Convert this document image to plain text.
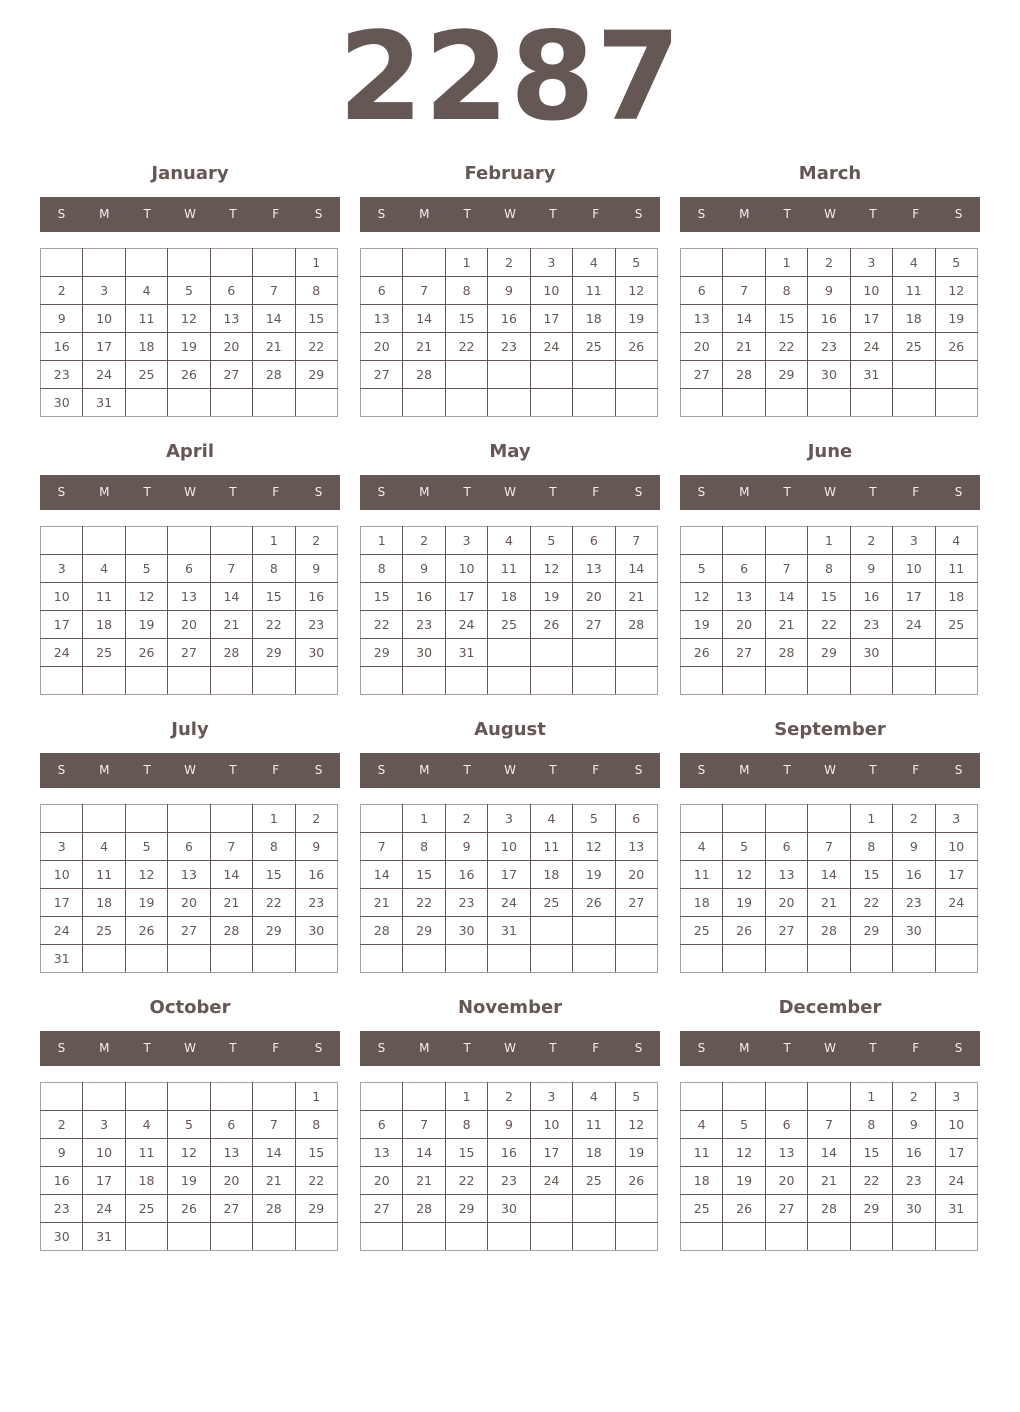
2287
January
S	M	T	W	T	F	S
						1
2	3	4	5	6	7	8
9	10	11	12	13	14	15
16	17	18	19	20	21	22
23	24	25	26	27	28	29
30	31					
February
S	M	T	W	T	F	S
		1	2	3	4	5
6	7	8	9	10	11	12
13	14	15	16	17	18	19
20	21	22	23	24	25	26
27	28					

March
S	M	T	W	T	F	S
		1	2	3	4	5
6	7	8	9	10	11	12
13	14	15	16	17	18	19
20	21	22	23	24	25	26
27	28	29	30	31		

April
S	M	T	W	T	F	S
					1	2
3	4	5	6	7	8	9
10	11	12	13	14	15	16
17	18	19	20	21	22	23
24	25	26	27	28	29	30

May
S	M	T	W	T	F	S
1	2	3	4	5	6	7
8	9	10	11	12	13	14
15	16	17	18	19	20	21
22	23	24	25	26	27	28
29	30	31				

June
S	M	T	W	T	F	S
			1	2	3	4
5	6	7	8	9	10	11
12	13	14	15	16	17	18
19	20	21	22	23	24	25
26	27	28	29	30		

July
S	M	T	W	T	F	S
					1	2
3	4	5	6	7	8	9
10	11	12	13	14	15	16
17	18	19	20	21	22	23
24	25	26	27	28	29	30
31						
August
S	M	T	W	T	F	S
	1	2	3	4	5	6
7	8	9	10	11	12	13
14	15	16	17	18	19	20
21	22	23	24	25	26	27
28	29	30	31			

September
S	M	T	W	T	F	S
				1	2	3
4	5	6	7	8	9	10
11	12	13	14	15	16	17
18	19	20	21	22	23	24
25	26	27	28	29	30	

October
S	M	T	W	T	F	S
						1
2	3	4	5	6	7	8
9	10	11	12	13	14	15
16	17	18	19	20	21	22
23	24	25	26	27	28	29
30	31					
November
S	M	T	W	T	F	S
		1	2	3	4	5
6	7	8	9	10	11	12
13	14	15	16	17	18	19
20	21	22	23	24	25	26
27	28	29	30			

December
S	M	T	W	T	F	S
				1	2	3
4	5	6	7	8	9	10
11	12	13	14	15	16	17
18	19	20	21	22	23	24
25	26	27	28	29	30	31
